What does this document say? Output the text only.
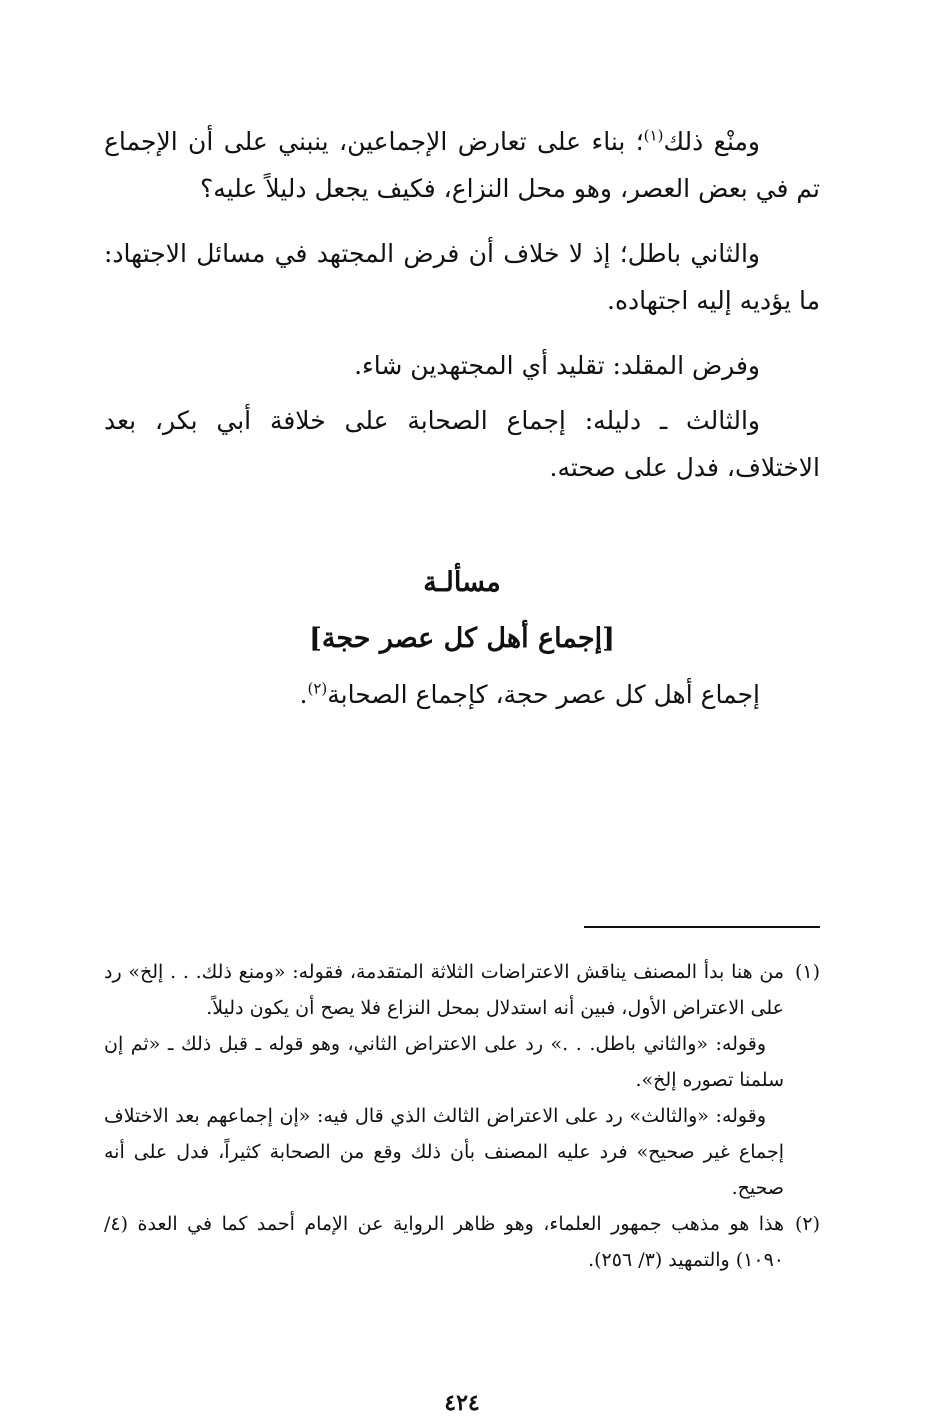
ومنْع ذلك$^{(١)}$؛ بناء على تعارض الإجماعين، ينبني على أن الإجماع تم في بعض العصر، وهو محل النزاع، فكيف يجعل دليلاً عليه؟

والثاني باطل؛ إذ لا خلاف أن فرض المجتهد في مسائل الاجتهاد: ما يؤديه إليه اجتهاده.

وفرض المقلد: تقليد أي المجتهدين شاء.

والثالث ـ دليله: إجماع الصحابة على خلافة أبي بكر، بعد الاختلاف، فدل على صحته.

مسألـة
[إجماع أهل كل عصر حجة]

إجماع أهل كل عصر حجة، كإجماع الصحابة$^{(٢)}$.

(١)
من هنا بدأ المصنف يناقش الاعتراضات الثلاثة المتقدمة، فقوله: «ومنع ذلك. . . إلخ» رد على الاعتراض الأول، فبين أنه استدلال بمحل النزاع فلا يصح أن يكون دليلاً.

وقوله: «والثاني باطل. . .» رد على الاعتراض الثاني، وهو قوله ـ قبل ذلك ـ «ثم إن سلمنا تصوره إلخ».

وقوله: «والثالث» رد على الاعتراض الثالث الذي قال فيه: «إن إجماعهم بعد الاختلاف إجماع غير صحيح» فرد عليه المصنف بأن ذلك وقع من الصحابة كثيراً، فدل على أنه صحيح.

(٢)
هذا هو مذهب جمهور العلماء، وهو ظاهر الرواية عن الإمام أحمد كما في العدة (٤/ ١٠٩٠) والتمهيد (٣/ ٢٥٦).
٤٢٤
